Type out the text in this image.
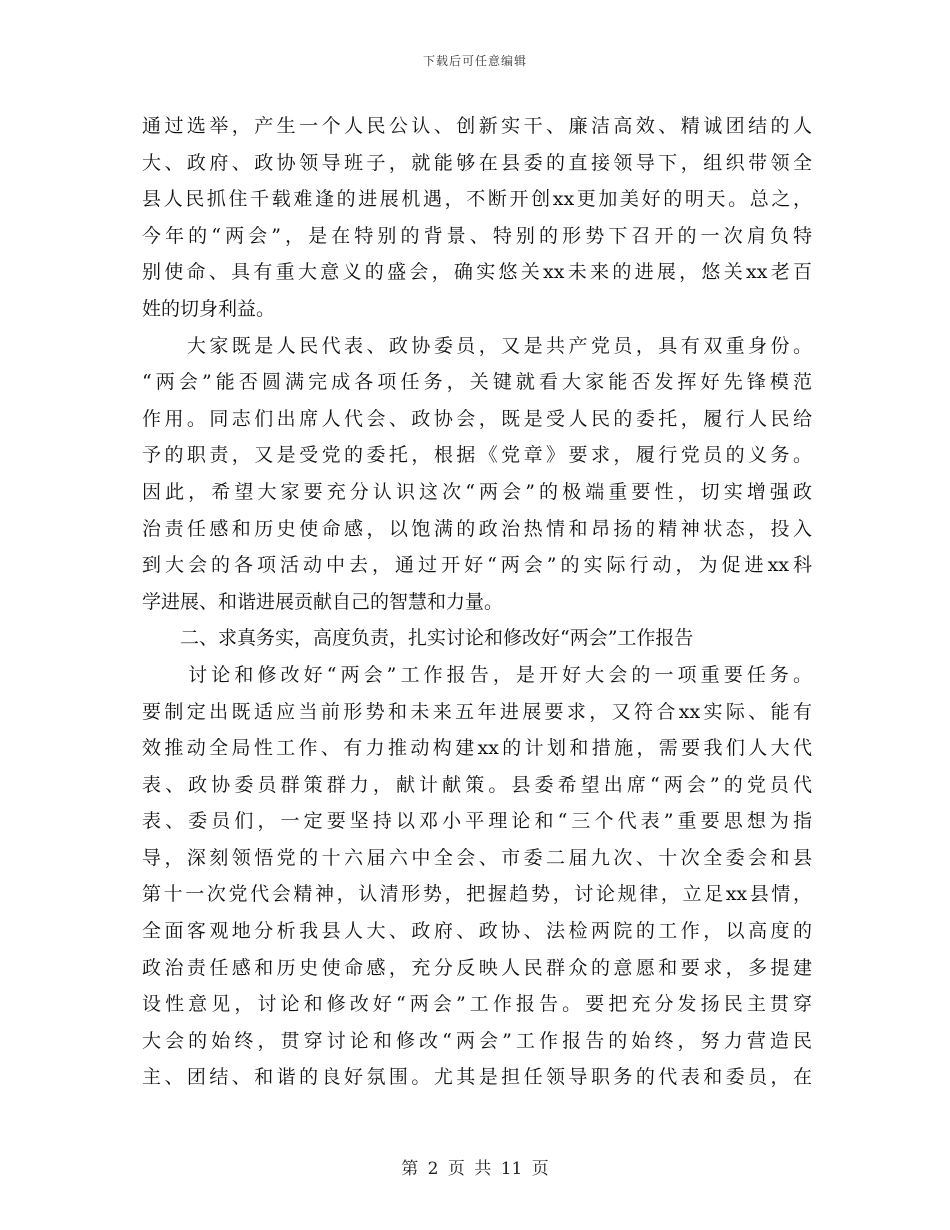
下载后可任意编辑
通过选举，产生一个人民公认、创新实干、廉洁高效、精诚团结的人
大、政府、政协领导班子，就能够在县委的直接领导下，组织带领全
县人民抓住千载难逢的进展机遇，不断开创xx更加美好的明天。总之，
今年的“两会”，是在特别的背景、特别的形势下召开的一次肩负特
别使命、具有重大意义的盛会，确实悠关xx未来的进展，悠关xx老百
姓的切身利益。
　　大家既是人民代表、政协委员，又是共产党员，具有双重身份。
“两会”能否圆满完成各项任务，关键就看大家能否发挥好先锋模范
作用。同志们出席人代会、政协会，既是受人民的委托，履行人民给
予的职责，又是受党的委托，根据《党章》要求，履行党员的义务。
因此，希望大家要充分认识这次“两会”的极端重要性，切实增强政
治责任感和历史使命感，以饱满的政治热情和昂扬的精神状态，投入
到大会的各项活动中去，通过开好“两会”的实际行动，为促进xx科
学进展、和谐进展贡献自己的智慧和力量。
　　二、求真务实，高度负责，扎实讨论和修改好“两会”工作报告
　　讨论和修改好“两会”工作报告，是开好大会的一项重要任务。
要制定出既适应当前形势和未来五年进展要求，又符合xx实际、能有
效推动全局性工作、有力推动构建xx的计划和措施，需要我们人大代
表、政协委员群策群力，献计献策。县委希望出席“两会”的党员代
表、委员们，一定要坚持以邓小平理论和“三个代表”重要思想为指
导，深刻领悟党的十六届六中全会、市委二届九次、十次全委会和县
第十一次党代会精神，认清形势，把握趋势，讨论规律，立足xx县情，
全面客观地分析我县人大、政府、政协、法检两院的工作，以高度的
政治责任感和历史使命感，充分反映人民群众的意愿和要求，多提建
设性意见，讨论和修改好“两会”工作报告。要把充分发扬民主贯穿
大会的始终，贯穿讨论和修改“两会”工作报告的始终，努力营造民
主、团结、和谐的良好氛围。尤其是担任领导职务的代表和委员，在
第 2 页 共 11 页
